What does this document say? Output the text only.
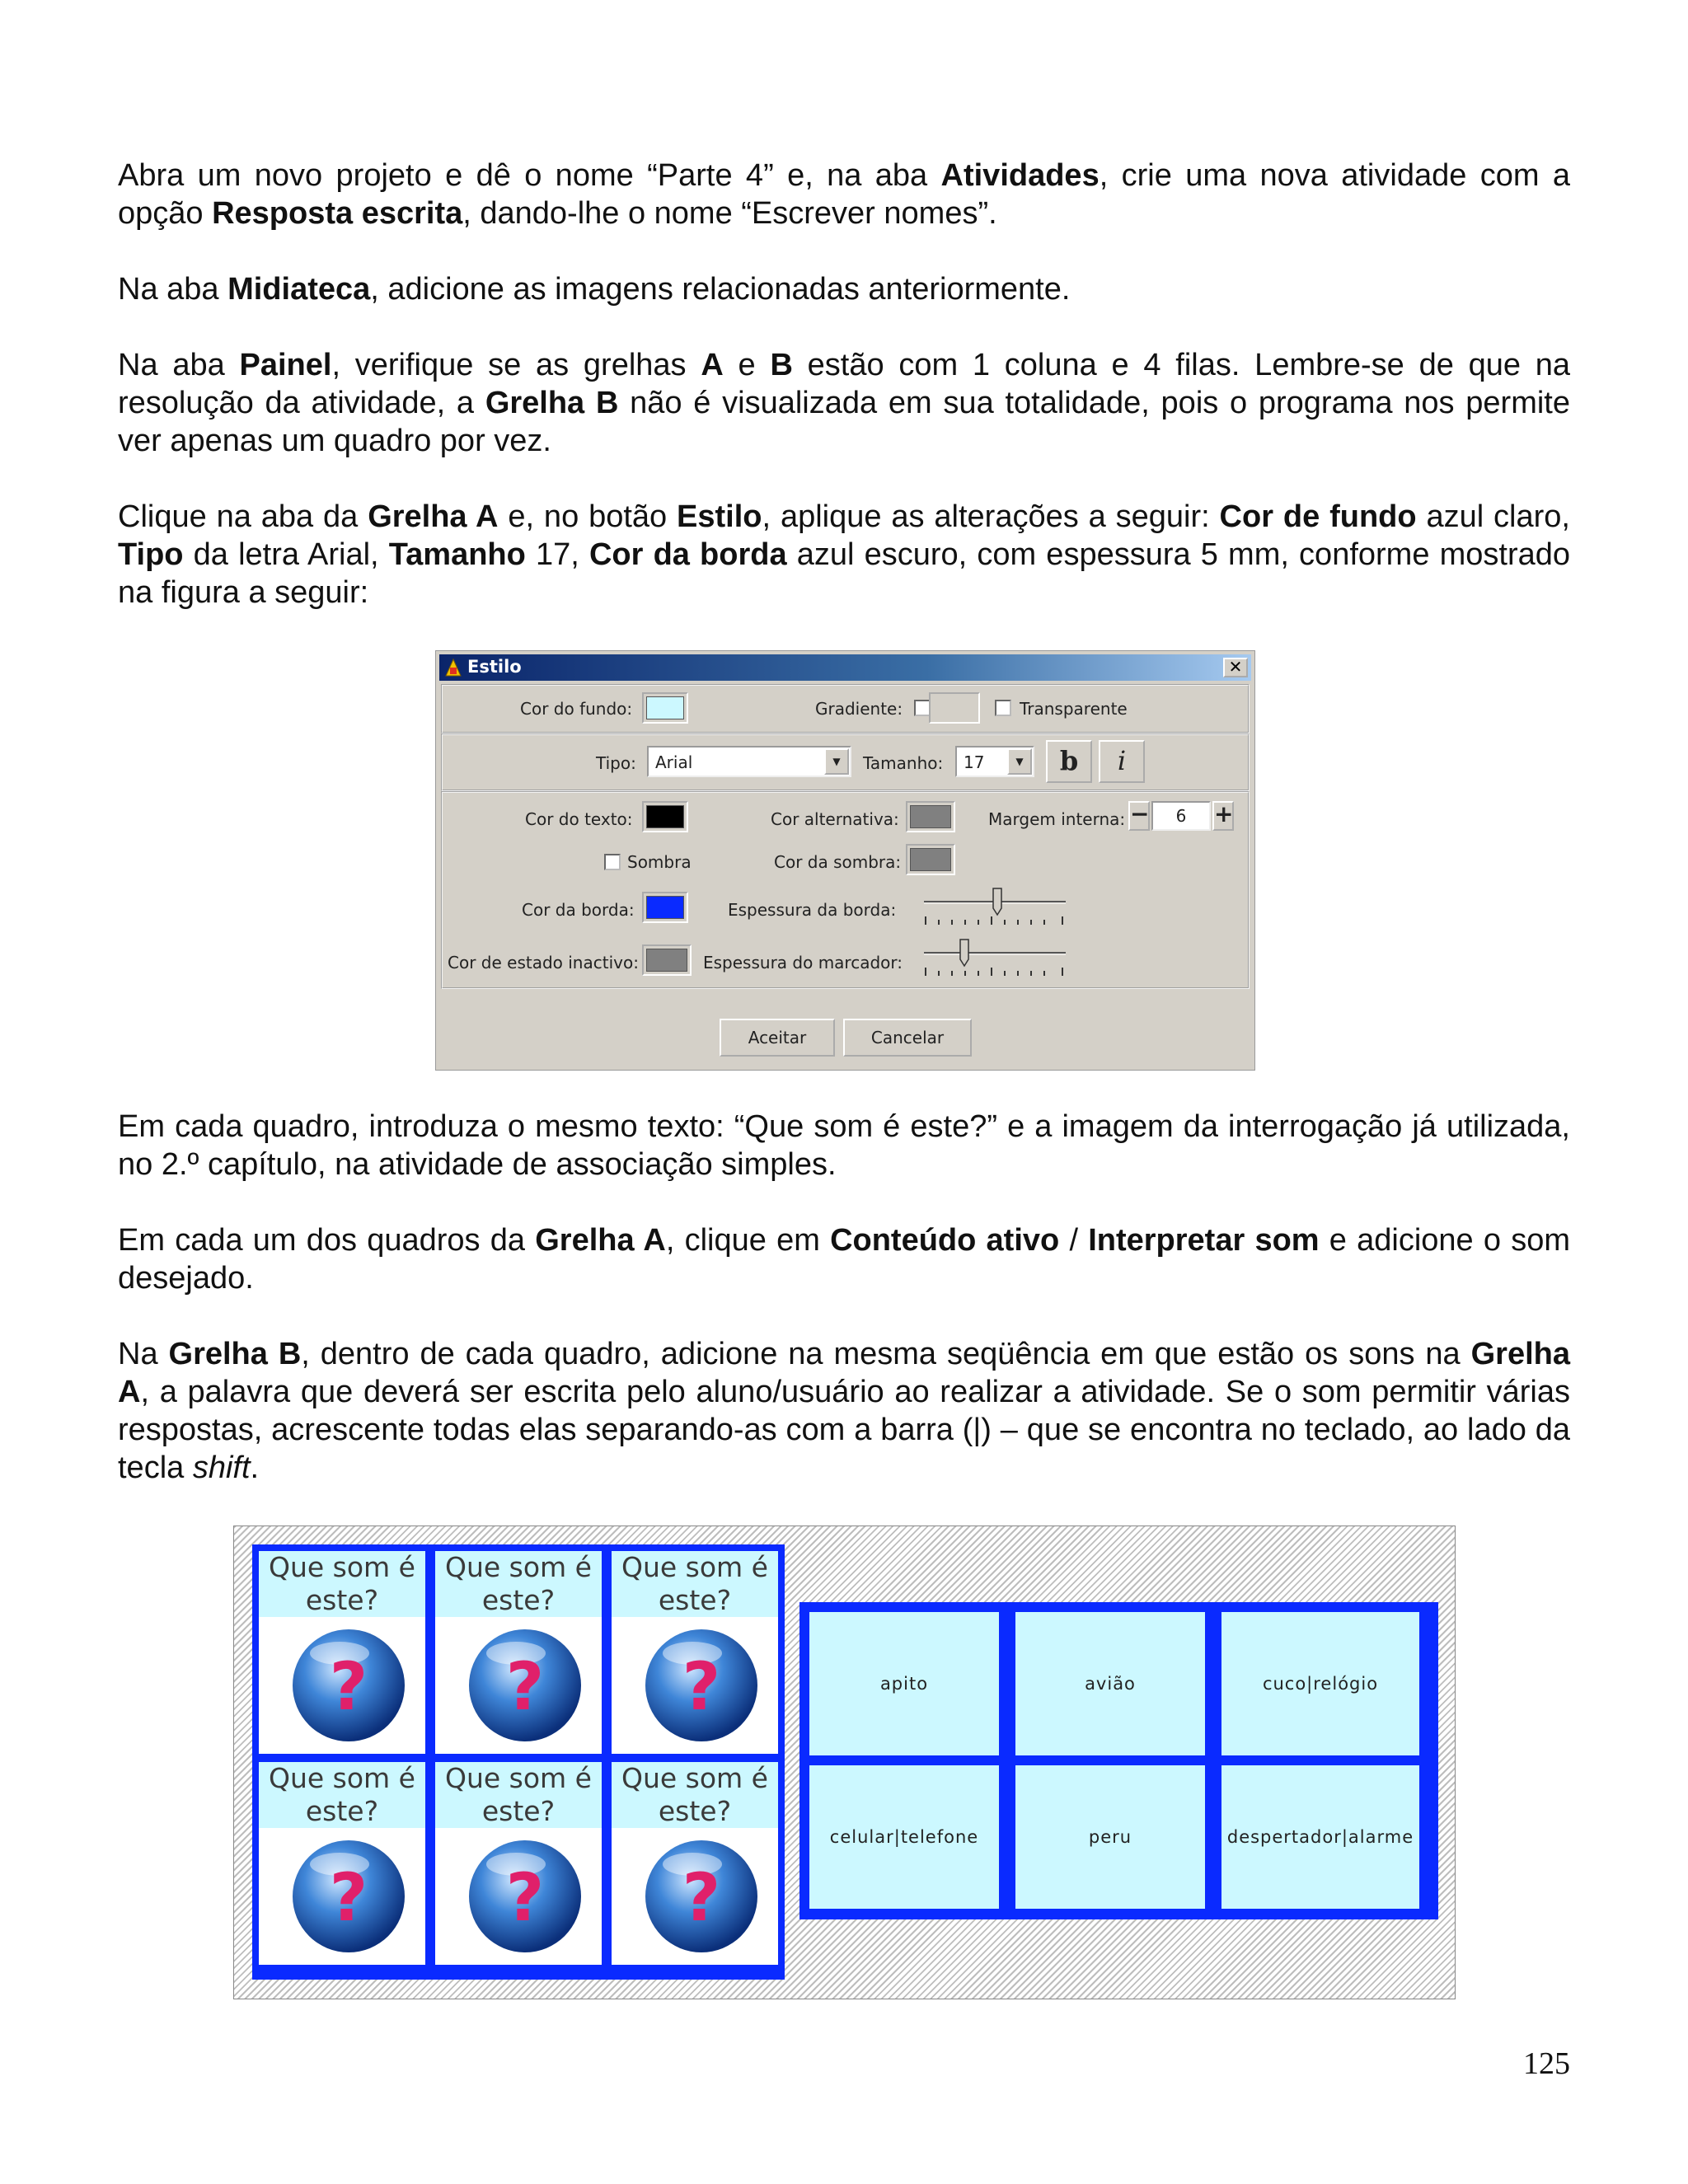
Abra um novo projeto e dê o nome “Parte 4” e, na aba Atividades, crie uma nova atividade com a opção Resposta escrita, dando-lhe o nome “Escrever nomes”.

Na aba Midiateca, adicione as imagens relacionadas anteriormente.

Na aba Painel, verifique se as grelhas A e B estão com 1 coluna e 4 filas. Lembre-se de que na resolução da atividade, a Grelha B não é visualizada em sua totalidade, pois o programa nos permite ver apenas um quadro por vez.

Clique na aba da Grelha A e, no botão Estilo, aplique as alterações a seguir: Cor de fundo azul claro, Tipo da letra Arial, Tamanho 17, Cor da borda azul escuro, com espessura 5 mm, conforme mostrado na figura a seguir:

Estilo	✕
Cor do fundo:	Gradiente:	Transparente
Tipo: Arial	▼	Tamanho: 17	▼	b	i
Cor do texto:	Cor alternativa:	Margem interna: −	6	+
Sombra	Cor da sombra:
Cor da borda:	Espessura da borda:
Cor de estado inactivo:	Espessura do marcador:
Aceitar	Cancelar

Em cada quadro, introduza o mesmo texto: “Que som é este?” e a imagem da interrogação já utilizada, no 2.º capítulo, na atividade de associação simples.

Em cada um dos quadros da Grelha A, clique em Conteúdo ativo / Interpretar som e adicione o som desejado.

Na Grelha B, dentro de cada quadro, adicione na mesma seqüência em que estão os sons na Grelha A, a palavra que deverá ser escrita pelo aluno/usuário ao realizar a atividade. Se o som permitir várias respostas, acrescente todas elas separando-as com a barra (|) – que se encontra no teclado, ao lado da tecla shift.

Que som é este?
?
Que som é este?
?
Que som é este?
?
Que som é este?
?
Que som é este?
?
Que som é este?
?
apito	avião	cuco|relógio
celular|telefone	peru	despertador|alarme
125
